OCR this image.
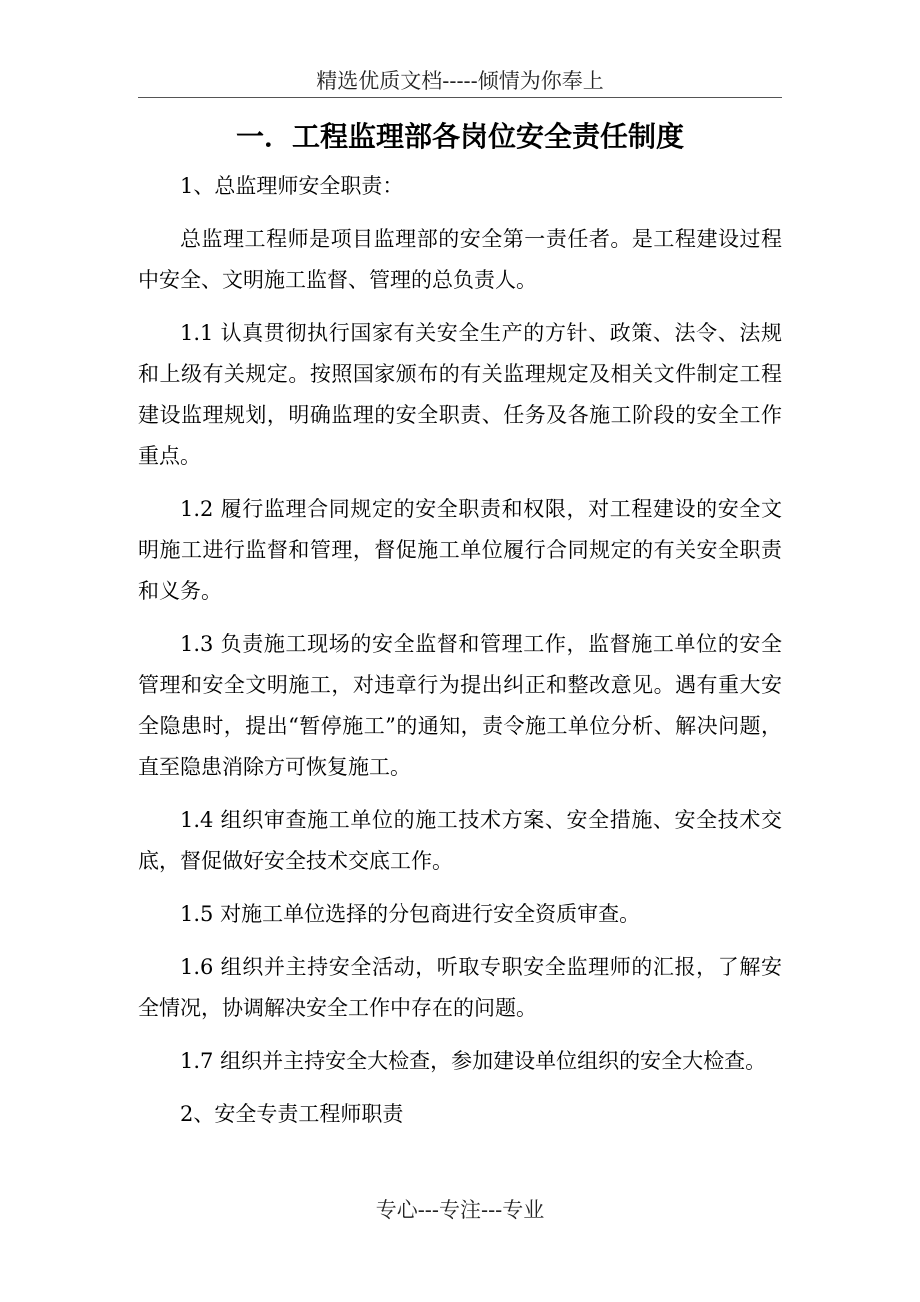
精选优质文档-----倾情为你奉上
一．工程监理部各岗位安全责任制度

1、总监理师安全职责：

总监理工程师是项目监理部的安全第一责任者。是工程建设过程中安全、文明施工监督、管理的总负责人。

1.1 认真贯彻执行国家有关安全生产的方针、政策、法令、法规和上级有关规定。按照国家颁布的有关监理规定及相关文件制定工程建设监理规划，明确监理的安全职责、任务及各施工阶段的安全工作重点。

1.2 履行监理合同规定的安全职责和权限，对工程建设的安全文明施工进行监督和管理，督促施工单位履行合同规定的有关安全职责和义务。

1.3 负责施工现场的安全监督和管理工作，监督施工单位的安全管理和安全文明施工，对违章行为提出纠正和整改意见。遇有重大安全隐患时，提出“暂停施工”的通知，责令施工单位分析、解决问题，直至隐患消除方可恢复施工。

1.4 组织审查施工单位的施工技术方案、安全措施、安全技术交底，督促做好安全技术交底工作。

1.5 对施工单位选择的分包商进行安全资质审查。

1.6 组织并主持安全活动，听取专职安全监理师的汇报，了解安全情况，协调解决安全工作中存在的问题。

1.7 组织并主持安全大检查，参加建设单位组织的安全大检查。

2、安全专责工程师职责

专心---专注---专业
